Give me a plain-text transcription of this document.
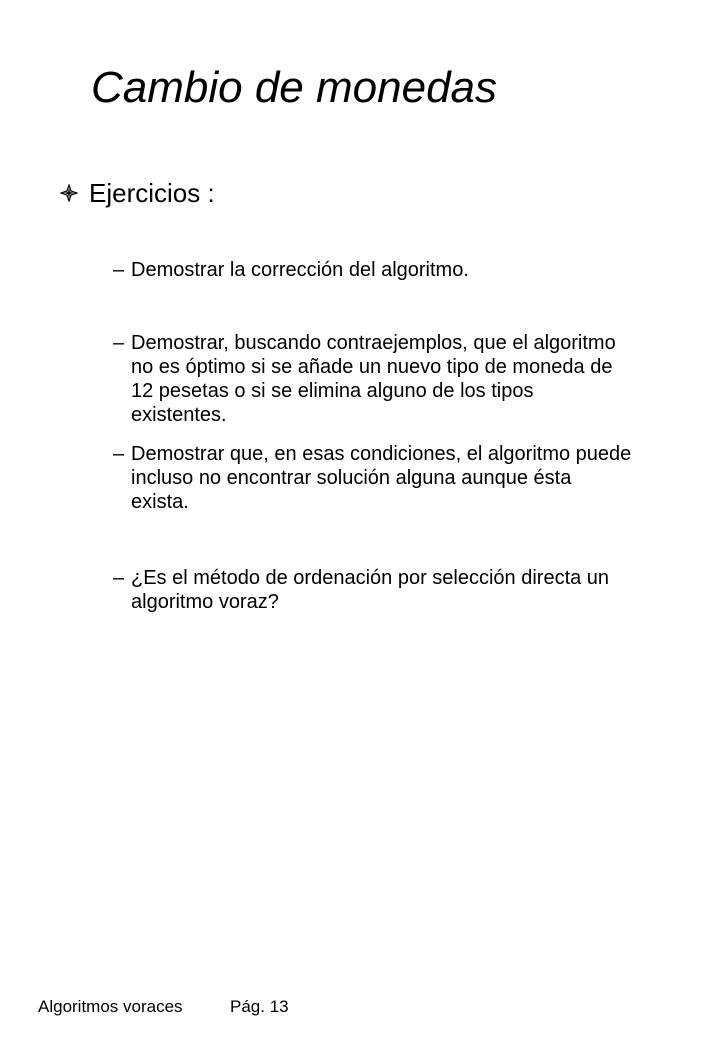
Cambio de monedas
Ejercicios :
– Demostrar la corrección del algoritmo.
– Demostrar, buscando contraejemplos, que el algoritmo no es óptimo si se añade un nuevo tipo de moneda de 12 pesetas o si se elimina alguno de los tipos existentes.
– Demostrar que, en esas condiciones, el algoritmo puede incluso no encontrar solución alguna aunque ésta exista.
– ¿Es el método de ordenación por selección directa un algoritmo voraz?
Algoritmos voraces	Pág. 13
